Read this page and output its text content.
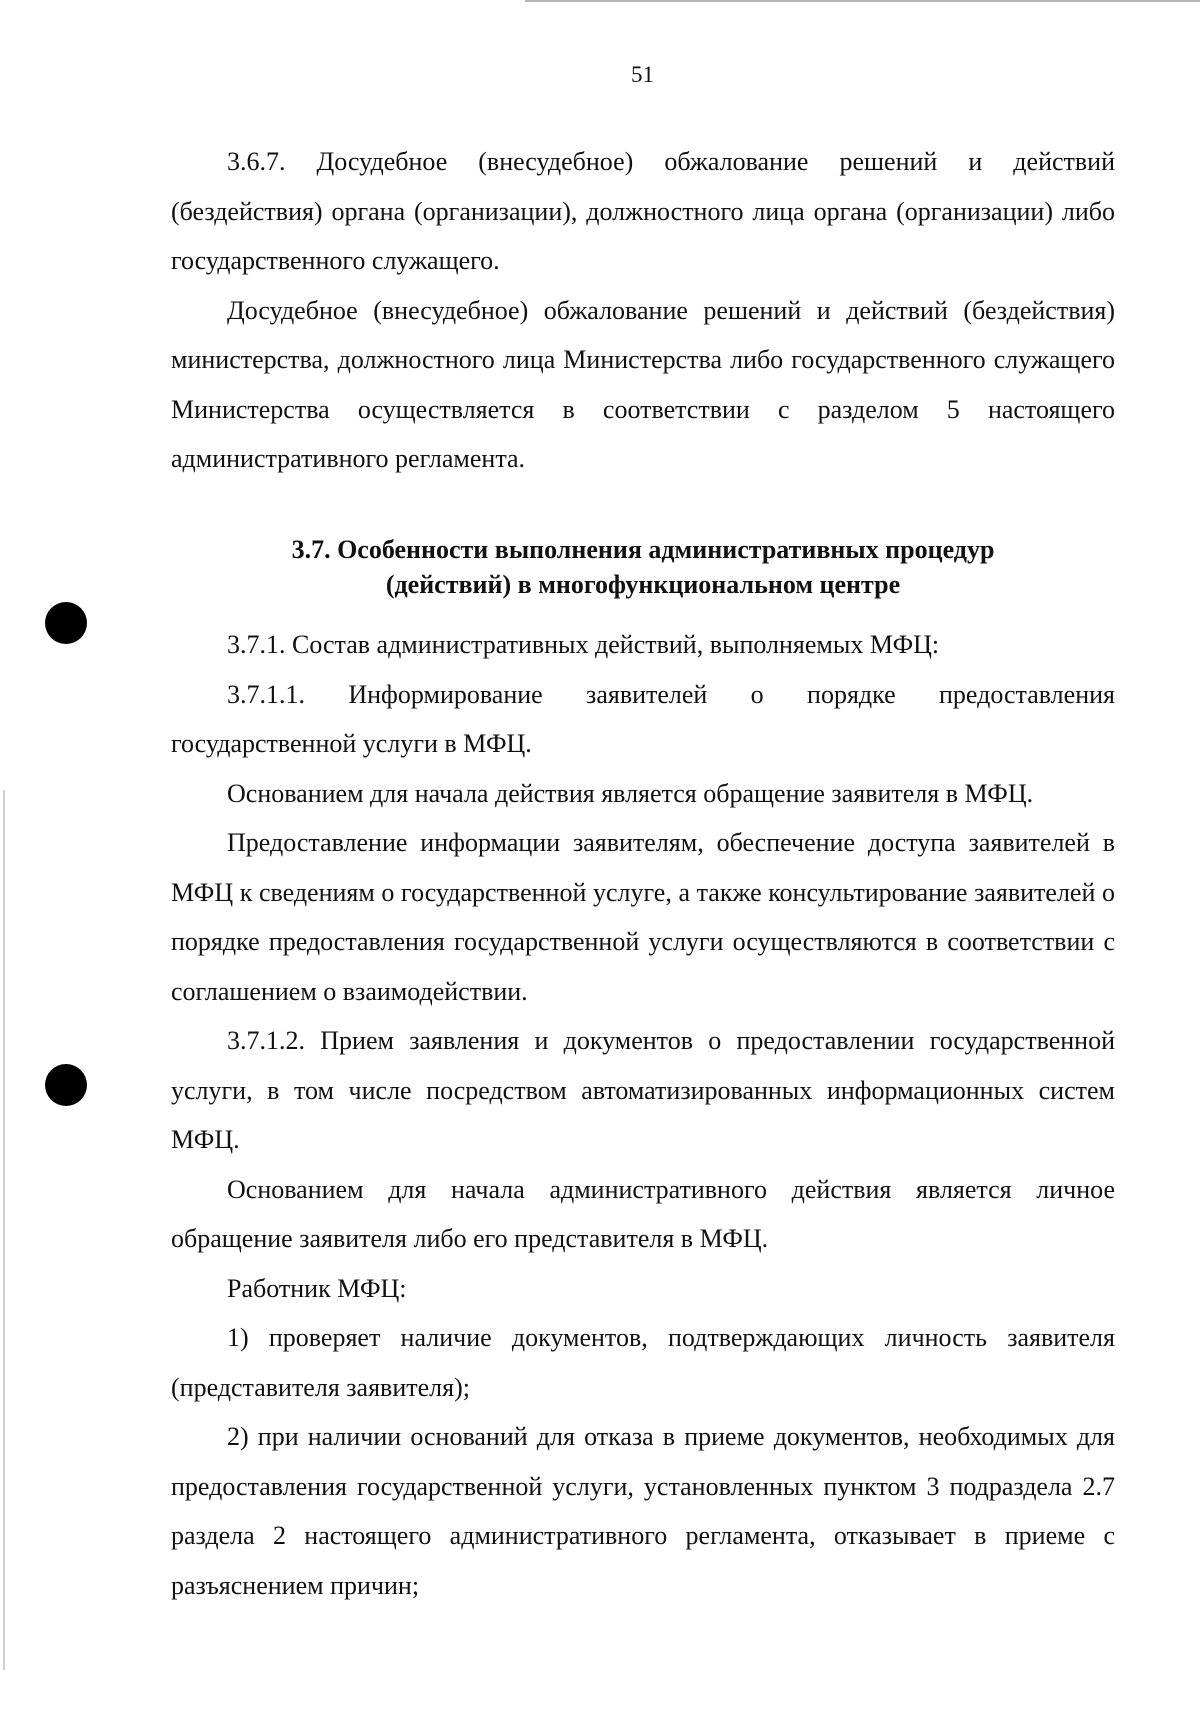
51

3.6.7. Досудебное (внесудебное) обжалование решений и действий (бездействия) органа (организации), должностного лица органа (организации) либо государственного служащего.

Досудебное (внесудебное) обжалование решений и действий (бездействия) министерства, должностного лица Министерства либо государственного служащего Министерства осуществляется в соответствии с разделом 5 настоящего административного регламента.

3.7. Особенности выполнения административных процедур
(действий) в многофункциональном центре

3.7.1. Состав административных действий, выполняемых МФЦ:

3.7.1.1. Информирование заявителей о порядке предоставления государственной услуги в МФЦ.

Основанием для начала действия является обращение заявителя в МФЦ.

Предоставление информации заявителям, обеспечение доступа заявителей в МФЦ к сведениям о государственной услуге, а также консультирование заявителей о порядке предоставления государственной услуги осуществляются в соответствии с соглашением о взаимодействии.

3.7.1.2. Прием заявления и документов о предоставлении государственной услуги, в том числе посредством автоматизированных информационных систем МФЦ.

Основанием для начала административного действия является личное обращение заявителя либо его представителя в МФЦ.

Работник МФЦ:

1) проверяет наличие документов, подтверждающих личность заявителя (представителя заявителя);

2) при наличии оснований для отказа в приеме документов, необходимых для предоставления государственной услуги, установленных пунктом 3 подраздела 2.7 раздела 2 настоящего административного регламента, отказывает в приеме с разъяснением причин;
